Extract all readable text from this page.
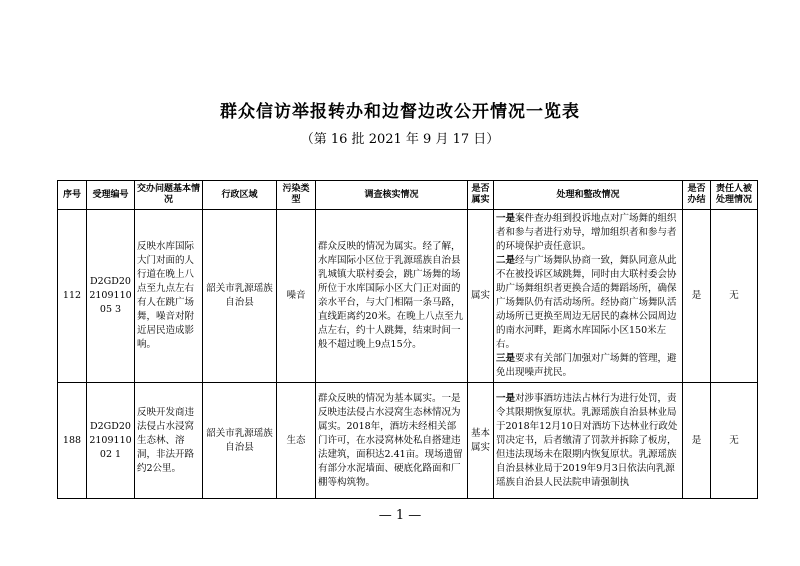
群众信访举报转办和边督边改公开情况一览表
（第 16 批 2021 年 9 月 17 日）
序号	受理编号	交办问题基本情况	行政区域	污染类型	调查核实情况	是否属实	处理和整改情况	是否办结	责任人被处理情况
112	D2GD20210911005 3	反映水库国际大门对面的人行道在晚上八点至九点左右有人在跳广场舞，噪音对附近居民造成影响。	韶关市乳源瑶族自治县	噪音	群众反映的情况为属实。经了解，水库国际小区位于乳源瑶族自治县乳城镇大联村委会，跳广场舞的场所位于水库国际小区大门正对面的亲水平台，与大门相隔一条马路，直线距离约20米。在晚上八点至九点左右，约十人跳舞，结束时间一般不超过晚上9点15分。	属实	一是案件查办组到投诉地点对广场舞的组织者和参与者进行劝导，增加组织者和参与者的环境保护责任意识。
二是经与广场舞队协商一致，舞队同意从此不在被投诉区域跳舞，同时由大联村委会协助广场舞组织者更换合适的舞蹈场所，确保广场舞队仍有活动场所。经协商广场舞队活动场所已更换至周边无居民的森林公园周边的南水河畔，距离水库国际小区150米左右。
三是要求有关部门加强对广场舞的管理，避免出现噪声扰民。	是	无
188	D2GD20210911002 1	反映开发商违法侵占水浸窝生态林、溶洞，非法开路约2公里。	韶关市乳源瑶族自治县	生态	群众反映的情况为基本属实。一是反映违法侵占水浸窝生态林情况为属实。2018年，酒坊未经相关部门许可，在水浸窝林处私自搭建违法建筑，面积达2.41亩。现场遗留有部分水泥墙面、硬底化路面和厂棚等构筑物。	基本属实	一是对涉事酒坊违法占林行为进行处罚，责令其限期恢复原状。乳源瑶族自治县林业局于2018年12月10日对酒坊下达林业行政处罚决定书，后者缴清了罚款并拆除了板房，但违法现场未在限期内恢复原状。乳源瑶族自治县林业局于2019年9月3日依法向乳源瑶族自治县人民法院申请强制执	是	无
— 1 —
